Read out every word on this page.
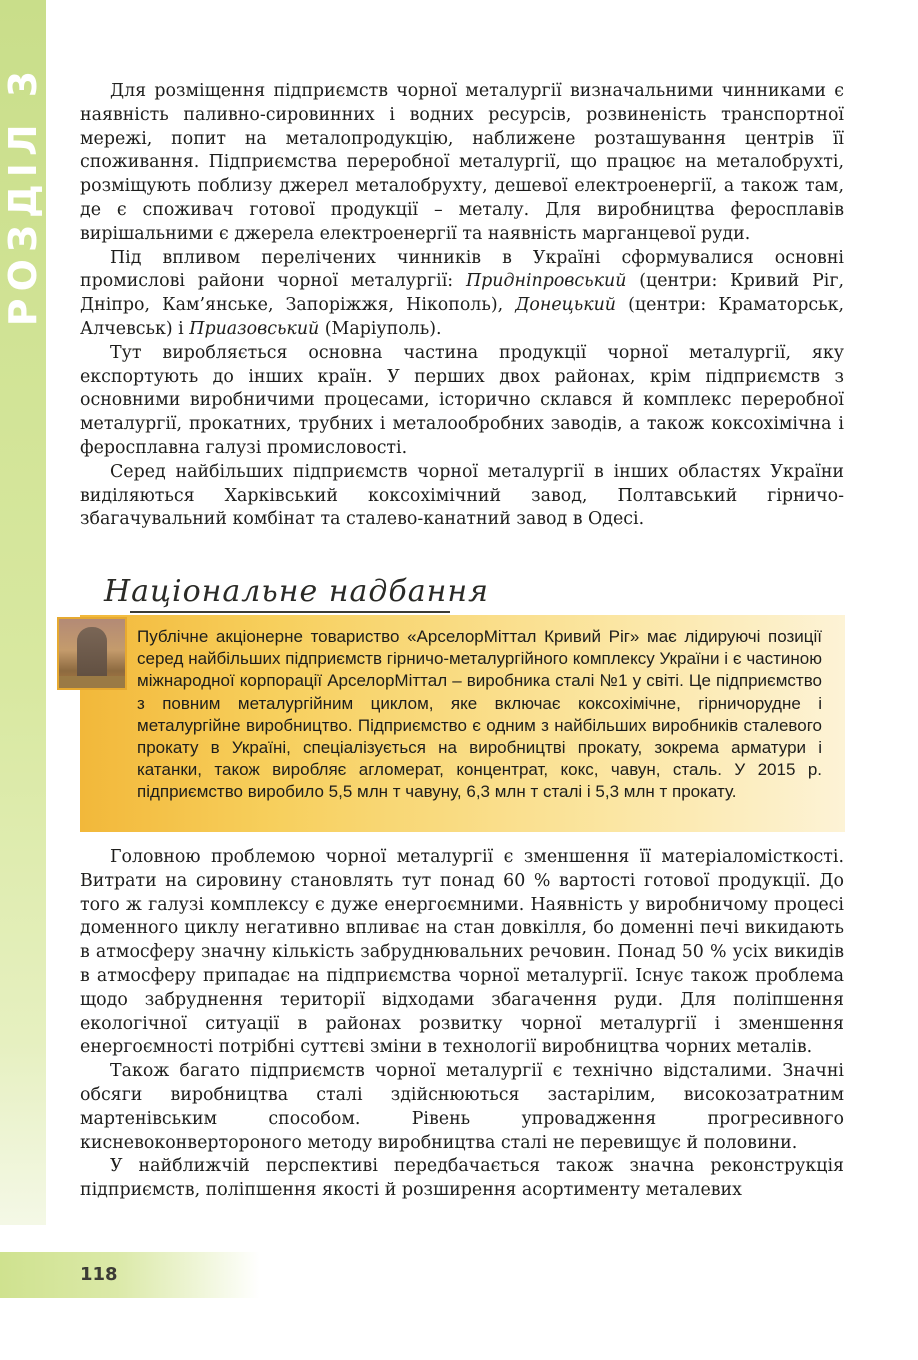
РОЗДІЛ 3	Для розміщення підприємств чорної металургії визначальними чинниками є наявність паливно-сировинних і водних ресурсів, розвиненість транспортної мережі, попит на металопродукцію, наближене розташування центрів її споживання. Підприємства переробної металургії, що працює на металобрухті, розміщують поблизу джерел металобрухту, дешевої електроенергії, а також там, де є споживач готової продукції – металу. Для виробництва феросплавів вирішальними є джерела електроенергії та наявність марганцевої руди.

Під впливом перелічених чинників в Україні сформувалися основні промислові райони чорної металургії: Придніпровський (центри: Кривий Ріг, Дніпро, Кам’янське, Запоріжжя, Нікополь), Донецький (центри: Краматорськ, Алчевськ) і Приазовський (Маріуполь).

Тут виробляється основна частина продукції чорної металургії, яку експортують до інших країн. У перших двох районах, крім підприємств з основними виробничими процесами, історично склався й комплекс переробної металургії, прокатних, трубних і металообробних заводів, а також коксохімічна і феросплавна галузі промисловості.

Серед найбільших підприємств чорної металургії в інших областях України виділяються Харківський коксохімічний завод, Полтавський гірничо-збагачувальний комбінат та сталево-канатний завод в Одесі.

Національне надбання

Публічне акціонерне товариство «АрселорМіттал Кривий Ріг» має лідируючі позиції серед найбільших підприємств гірничо-металургійного комплексу України і є частиною міжнародної корпорації АрселорМіттал – виробника сталі №1 у світі. Це підприємство з повним металургійним циклом, яке включає коксохімічне, гірничорудне і металургійне виробництво. Підприємство є одним з найбільших виробників сталевого прокату в Україні, спеціалізується на виробництві прокату, зокрема арматури і катанки, також виробляє агломерат, концентрат, кокс, чавун, сталь. У 2015 р. підприємство виробило 5,5 млн т чавуну, 6,3 млн т сталі і 5,3 млн т прокату.

Головною проблемою чорної металургії є зменшення її матеріаломісткості. Витрати на сировину становлять тут понад 60 % вартості готової продукції. До того ж галузі комплексу є дуже енергоємними. Наявність у виробничому процесі доменного циклу негативно впливає на стан довкілля, бо доменні печі викидають в атмосферу значну кількість забруднювальних речовин. Понад 50 % усіх викидів в атмосферу припадає на підприємства чорної металургії. Існує також проблема щодо забруднення території відходами збагачення руди. Для поліпшення екологічної ситуації в районах розвитку чорної металургії і зменшення енергоємності потрібні суттєві зміни в технології виробництва чорних металів.

Також багато підприємств чорної металургії є технічно відсталими. Значні обсяги виробництва сталі здійснюються застарілим, високозатратним мартенівським способом. Рівень упровадження прогресивного кисневоконвертороного методу виробництва сталі не перевищує й половини.

У найближчій перспективі передбачається також значна реконструкція підприємств, поліпшення якості й розширення асортименту металевих

118
